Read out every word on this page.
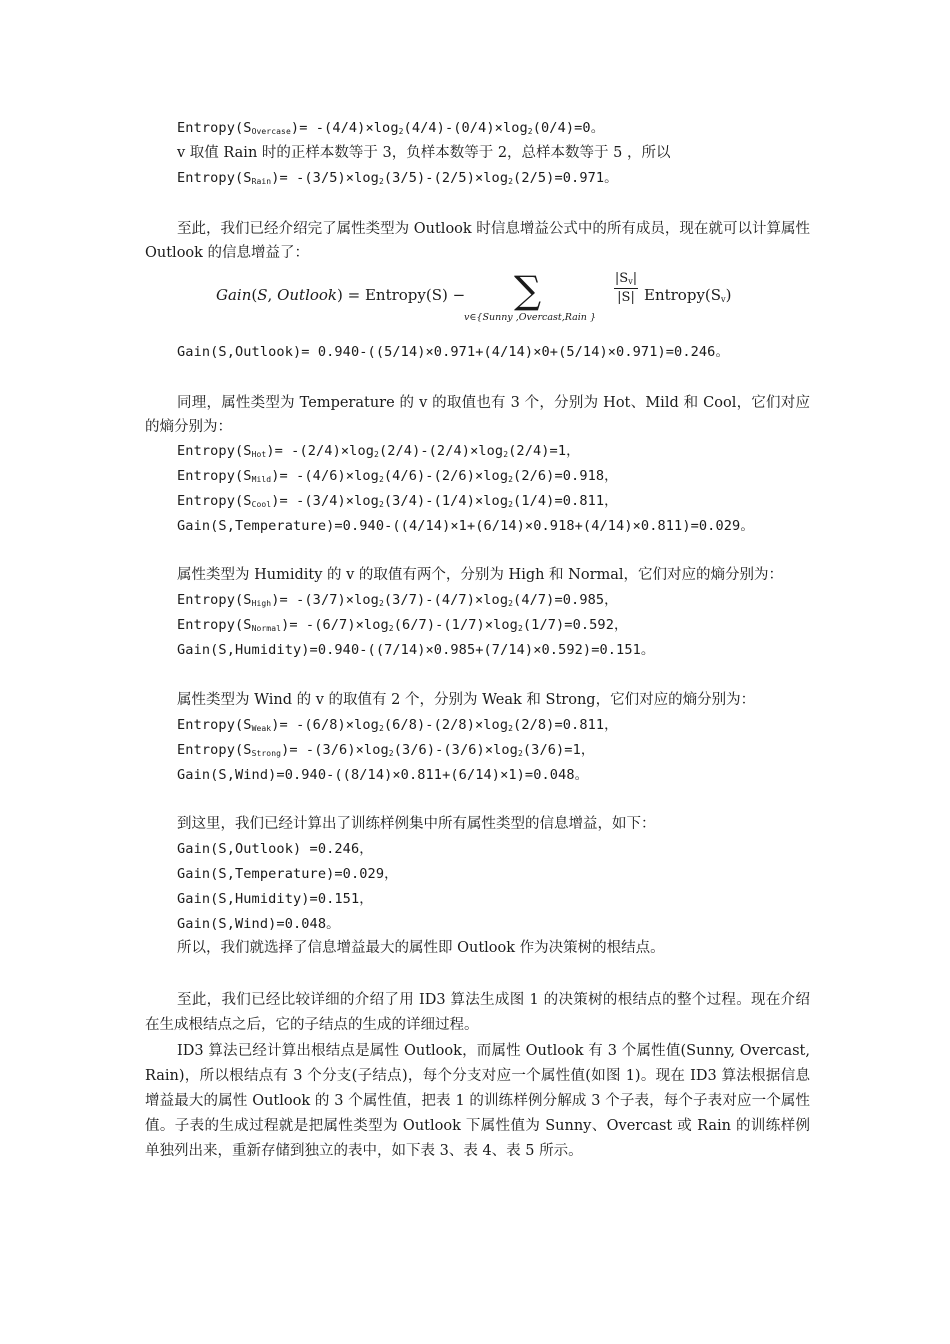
$Entropy(S_{Overcase})= -(4/4)\times\log_2(4/4)-(0/4)\times\log_2(0/4)=0$。
v 取值 Rain 时的正样本数等于 3，负样本数等于 2，总样本数等于 5 ，所以
$Entropy(S_{Rain})= -(3/5)\times\log_2(3/5)-(2/5)\times\log_2(2/5)=0.971$。
至此，我们已经介绍完了属性类型为 Outlook 时信息增益公式中的所有成员，现在就可以计算属性 Outlook 的信息增益了：
Gain(S, Outlook) = Entropy(S) − ∑
v∈{Sunny ,Overcast,Rain }
$\frac{|S_v|}{|S|}$ $Entropy(S_v)$
Gain(S,Outlook)= 0.940-((5/14)×0.971+(4/14)×0+(5/14)×0.971)=0.246。
同理，属性类型为 Temperature 的 v 的取值也有 3 个，分别为 Hot、Mild 和 Cool，它们对应的熵分别为：
$Entropy(S_{Hot})= -(2/4)\times\log_2(2/4)-(2/4)\times\log_2(2/4)=1$，
$Entropy(S_{Mild})= -(4/6)\times\log_2(4/6)-(2/6)\times\log_2(2/6)=0.918$，
$Entropy(S_{Cool})= -(3/4)\times\log_2(3/4)-(1/4)\times\log_2(1/4)=0.811$，
Gain(S,Temperature)=0.940-((4/14)×1+(6/14)×0.918+(4/14)×0.811)=0.029。
属性类型为 Humidity 的 v 的取值有两个，分别为 High 和 Normal，它们对应的熵分别为：
$Entropy(S_{High})= -(3/7)\times\log_2(3/7)-(4/7)\times\log_2(4/7)=0.985$，
$Entropy(S_{Normal})= -(6/7)\times\log_2(6/7)-(1/7)\times\log_2(1/7)=0.592$，
Gain(S,Humidity)=0.940-((7/14)×0.985+(7/14)×0.592)=0.151。
属性类型为 Wind 的 v 的取值有 2 个，分别为 Weak 和 Strong，它们对应的熵分别为：
$Entropy(S_{Weak})= -(6/8)\times\log_2(6/8)-(2/8)\times\log_2(2/8)=0.811$，
$Entropy(S_{Strong})= -(3/6)\times\log_2(3/6)-(3/6)\times\log_2(3/6)=1$，
Gain(S,Wind)=0.940-((8/14)×0.811+(6/14)×1)=0.048。
到这里，我们已经计算出了训练样例集中所有属性类型的信息增益，如下：
Gain(S,Outlook) =0.246，
Gain(S,Temperature)=0.029，
Gain(S,Humidity)=0.151，
Gain(S,Wind)=0.048。
所以，我们就选择了信息增益最大的属性即 Outlook 作为决策树的根结点。
至此，我们已经比较详细的介绍了用 ID3 算法生成图 1 的决策树的根结点的整个过程。现在介绍在生成根结点之后，它的子结点的生成的详细过程。
ID3 算法已经计算出根结点是属性 Outlook，而属性 Outlook 有 3 个属性值(Sunny, Overcast, Rain)，所以根结点有 3 个分支(子结点)，每个分支对应一个属性值(如图 1)。现在 ID3 算法根据信息增益最大的属性 Outlook 的 3 个属性值，把表 1 的训练样例分解成 3 个子表，每个子表对应一个属性值。子表的生成过程就是把属性类型为 Outlook 下属性值为 Sunny、Overcast 或 Rain 的训练样例单独列出来，重新存储到独立的表中，如下表 3、表 4、表 5 所示。
